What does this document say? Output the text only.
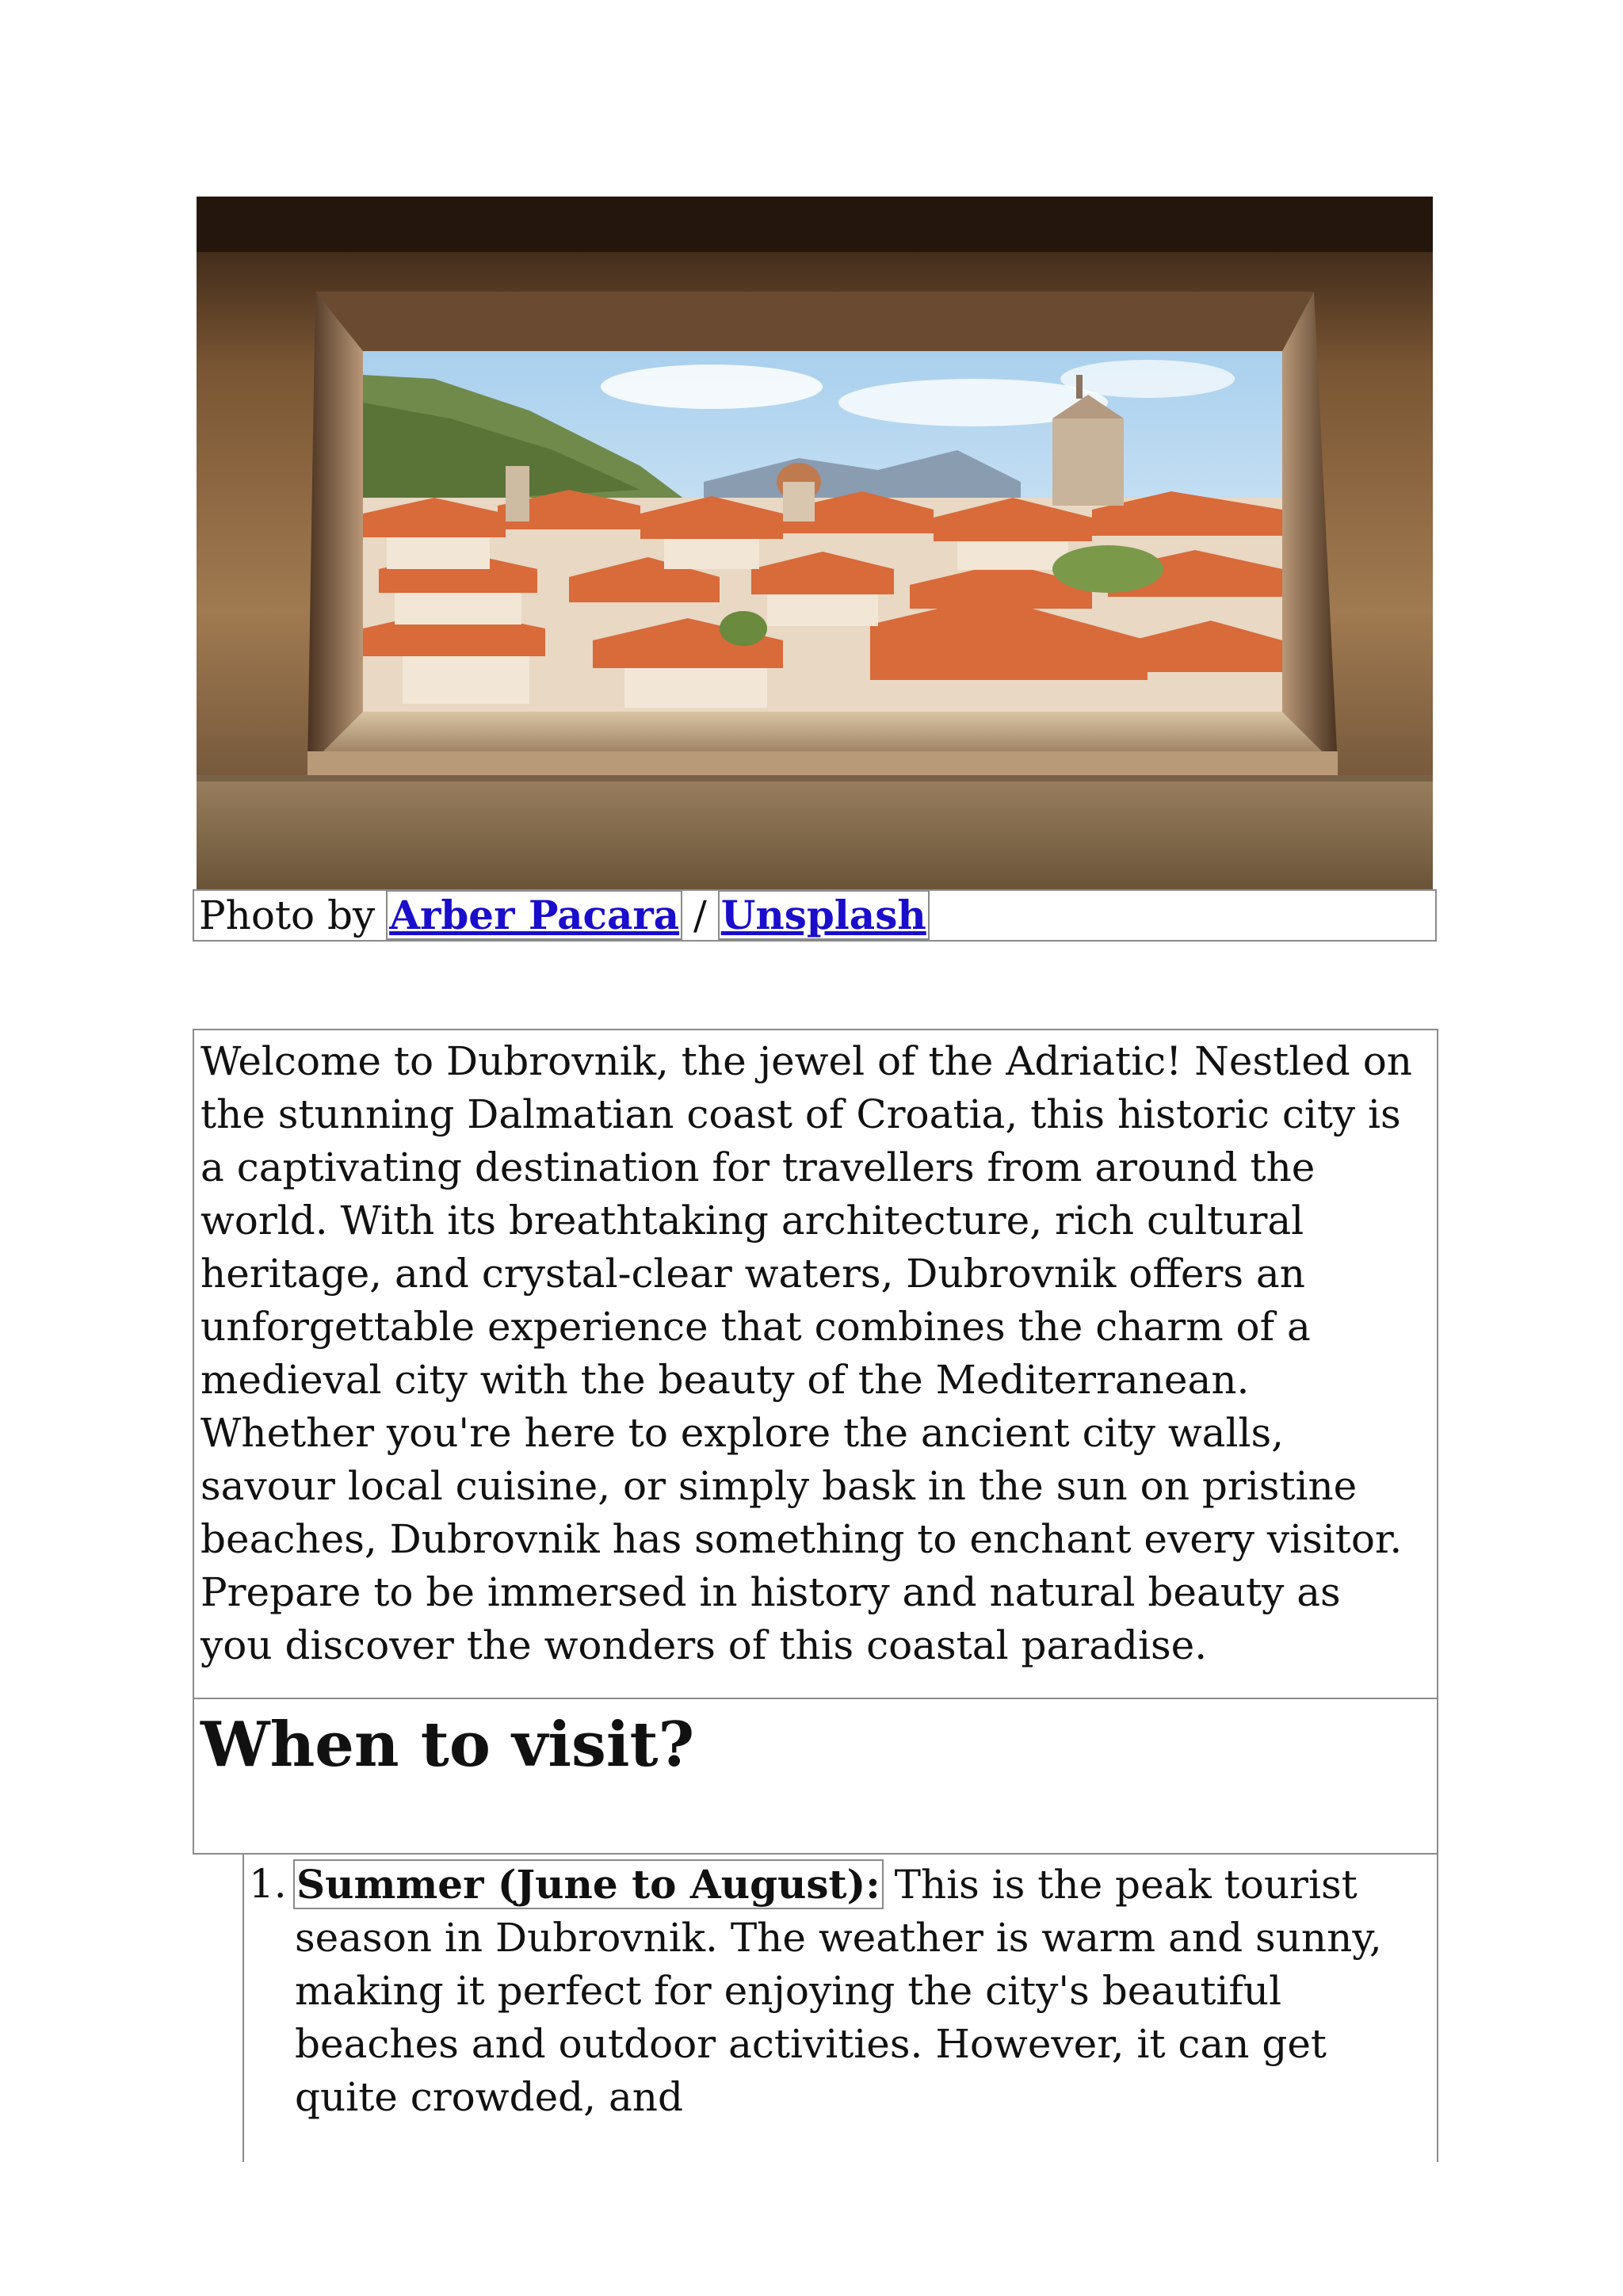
Photo by Arber Pacara / Unsplash

Welcome to Dubrovnik, the jewel of the Adriatic! Nestled on the stunning Dalmatian coast of Croatia, this historic city is a captivating destination for travellers from around the world. With its breathtaking architecture, rich cultural heritage, and crystal-clear waters, Dubrovnik offers an unforgettable experience that combines the charm of a medieval city with the beauty of the Mediterranean. Whether you're here to explore the ancient city walls, savour local cuisine, or simply bask in the sun on pristine beaches, Dubrovnik has something to enchant every visitor. Prepare to be immersed in history and natural beauty as you discover the wonders of this coastal paradise.

When to visit?
1. Summer (June to August): This is the peak tourist season in Dubrovnik. The weather is warm and sunny, making it perfect for enjoying the city's beautiful beaches and outdoor activities. However, it can get quite crowded, and
